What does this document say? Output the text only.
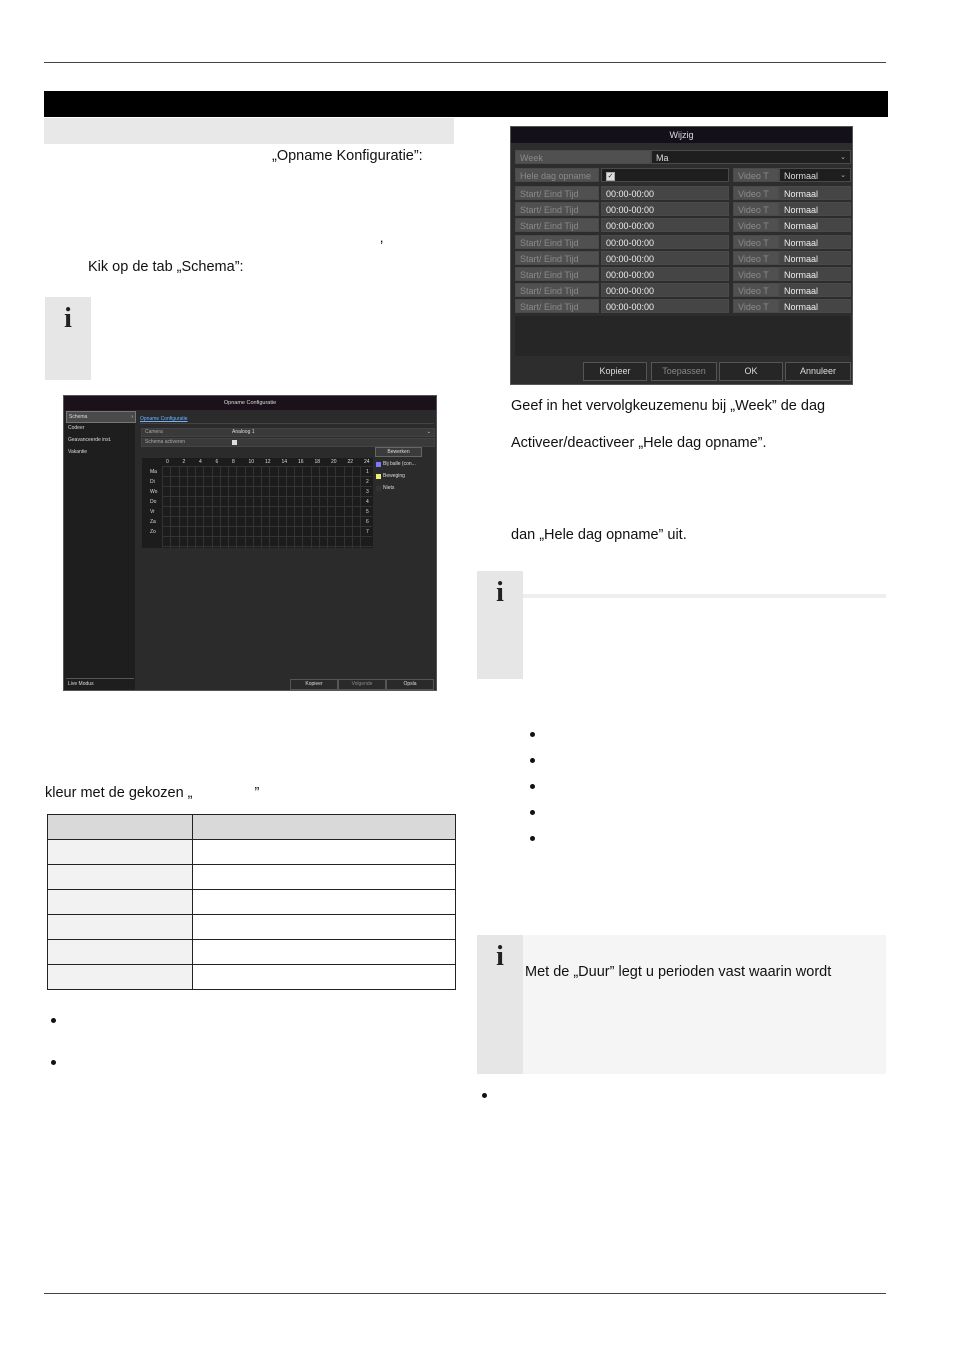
„Opname Konfiguratie”:
‚
Kik op de tab „Schema”:
i
Opname Configuratie
Schema	›
Codeer
Geavanceerde inst.
Vakantie
Live Modus
Opname Configuratie
Camera	Analoog 1	⌄
Schema activeren
0	2	4	6	8	10 12 14 16 18 20 22 24
Ma	1
Di	2
Wo	3
Do	4
Vr	5
Za	6
Zo	7
Bewerken
Bij balle (con...
Beweging
Niets
Kopieer	Volgende	Opsla
kleur met de gekozen „	”

Wijzig
Week	Ma	⌄
Hele dag opname	✓	Video T	Normaal	⌄
Start/ Eind Tijd	00:00-00:00	Video T	Normaal
Start/ Eind Tijd	00:00-00:00	Video T	Normaal
Start/ Eind Tijd	00:00-00:00	Video T	Normaal
Start/ Eind Tijd	00:00-00:00	Video T	Normaal
Start/ Eind Tijd	00:00-00:00	Video T	Normaal
Start/ Eind Tijd	00:00-00:00	Video T	Normaal
Start/ Eind Tijd	00:00-00:00	Video T	Normaal
Start/ Eind Tijd	00:00-00:00	Video T	Normaal
Kopieer	Toepassen	OK	Annuleer
Geef in het vervolgkeuzemenu bij „Week” de dag
Activeer/deactiveer „Hele dag opname”.
dan „Hele dag opname” uit.
i
i	Met de „Duur” legt u perioden vast waarin wordt
